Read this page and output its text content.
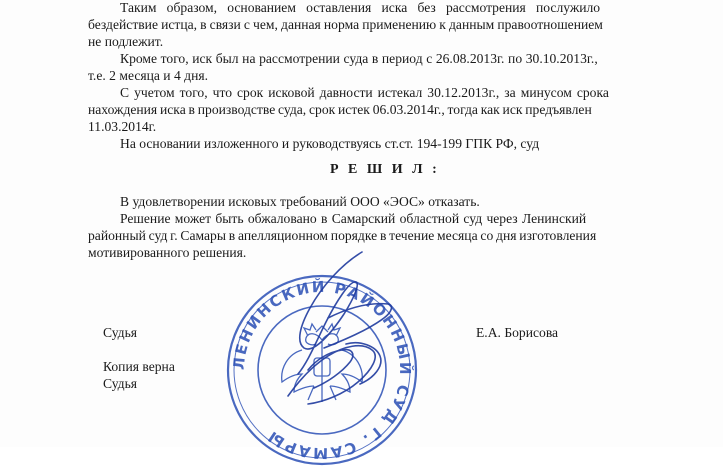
Таким образом, основанием оставления иска без рассмотрения послужило
бездействие истца, в связи с чем, данная норма применению к данным правоотношением
не подлежит.
Кроме того, иск был на рассмотрении суда в период с 26.08.2013г. по 30.10.2013г.,
т.е. 2 месяца и 4 дня.
С учетом того, что срок исковой давности истекал 30.12.2013г., за минусом срока
нахождения иска в производстве суда, срок истек 06.03.2014г., тогда как иск предъявлен
11.03.2014г.
На основании изложенного и руководствуясь ст.ст. 194-199 ГПК РФ, суд
Р Е Ш И Л :
В удовлетворении исковых требований ООО «ЭОС» отказать.
Решение может быть обжаловано в Самарский областной суд через Ленинский
районный суд г. Самары в апелляционном порядке в течение месяца со дня изготовления
мотивированного решения.
Судья	Е.А. Борисова
Копия верна
Судья
ЛЕНИНСКИЙ РАЙОННЫЙ СУД Г. САМАРЫ
